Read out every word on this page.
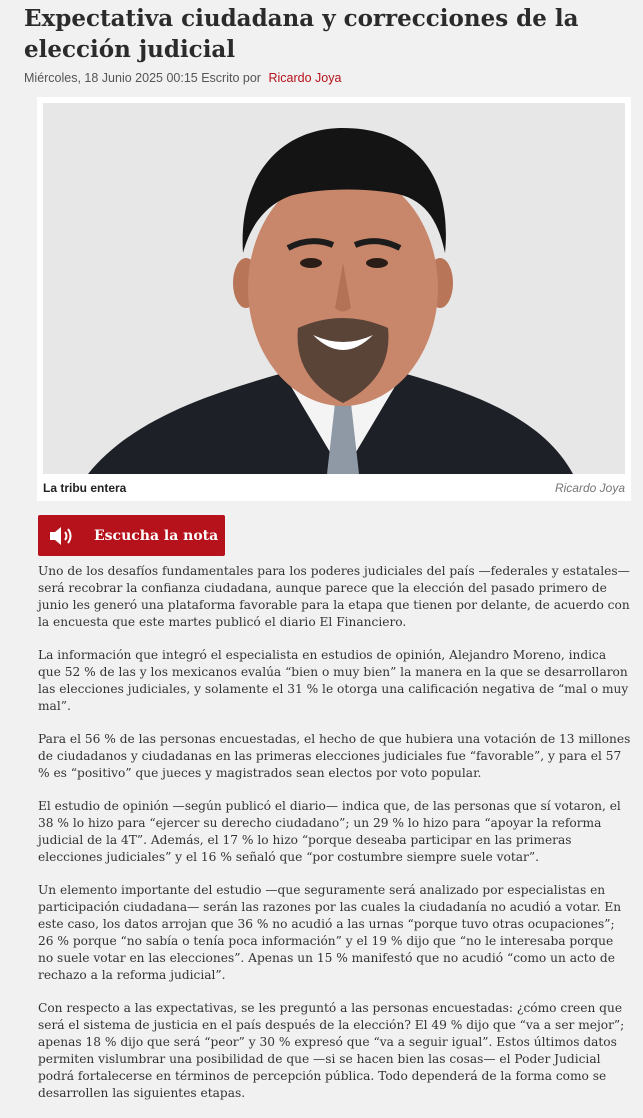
Expectativa ciudadana y correcciones de la elección judicial
Miércoles, 18 Junio 2025 00:15 Escrito por Ricardo Joya
La tribu entera	Ricardo Joya
Escucha la nota

Uno de los desafíos fundamentales para los poderes judiciales del país —federales y estatales— será recobrar la confianza ciudadana, aunque parece que la elección del pasado primero de junio les generó una plataforma favorable para la etapa que tienen por delante, de acuerdo con la encuesta que este martes publicó el diario El Financiero.

La información que integró el especialista en estudios de opinión, Alejandro Moreno, indica que 52 % de las y los mexicanos evalúa “bien o muy bien” la manera en la que se desarrollaron las elecciones judiciales, y solamente el 31 % le otorga una calificación negativa de “mal o muy mal”.

Para el 56 % de las personas encuestadas, el hecho de que hubiera una votación de 13 millones de ciudadanos y ciudadanas en las primeras elecciones judiciales fue “favorable”, y para el 57 % es “positivo” que jueces y magistrados sean electos por voto popular.

El estudio de opinión —según publicó el diario— indica que, de las personas que sí votaron, el 38 % lo hizo para “ejercer su derecho ciudadano”; un 29 % lo hizo para “apoyar la reforma judicial de la 4T”. Además, el 17 % lo hizo “porque deseaba participar en las primeras elecciones judiciales” y el 16 % señaló que “por costumbre siempre suele votar”.

Un elemento importante del estudio —que seguramente será analizado por especialistas en participación ciudadana— serán las razones por las cuales la ciudadanía no acudió a votar. En este caso, los datos arrojan que 36 % no acudió a las urnas “porque tuvo otras ocupaciones”; 26 % porque “no sabía o tenía poca información” y el 19 % dijo que “no le interesaba porque no suele votar en las elecciones”. Apenas un 15 % manifestó que no acudió “como un acto de rechazo a la reforma judicial”.

Con respecto a las expectativas, se les preguntó a las personas encuestadas: ¿cómo creen que será el sistema de justicia en el país después de la elección? El 49 % dijo que “va a ser mejor”; apenas 18 % dijo que será “peor” y 30 % expresó que “va a seguir igual”. Estos últimos datos permiten vislumbrar una posibilidad de que —si se hacen bien las cosas— el Poder Judicial podrá fortalecerse en términos de percepción pública. Todo dependerá de la forma como se desarrollen las siguientes etapas.
